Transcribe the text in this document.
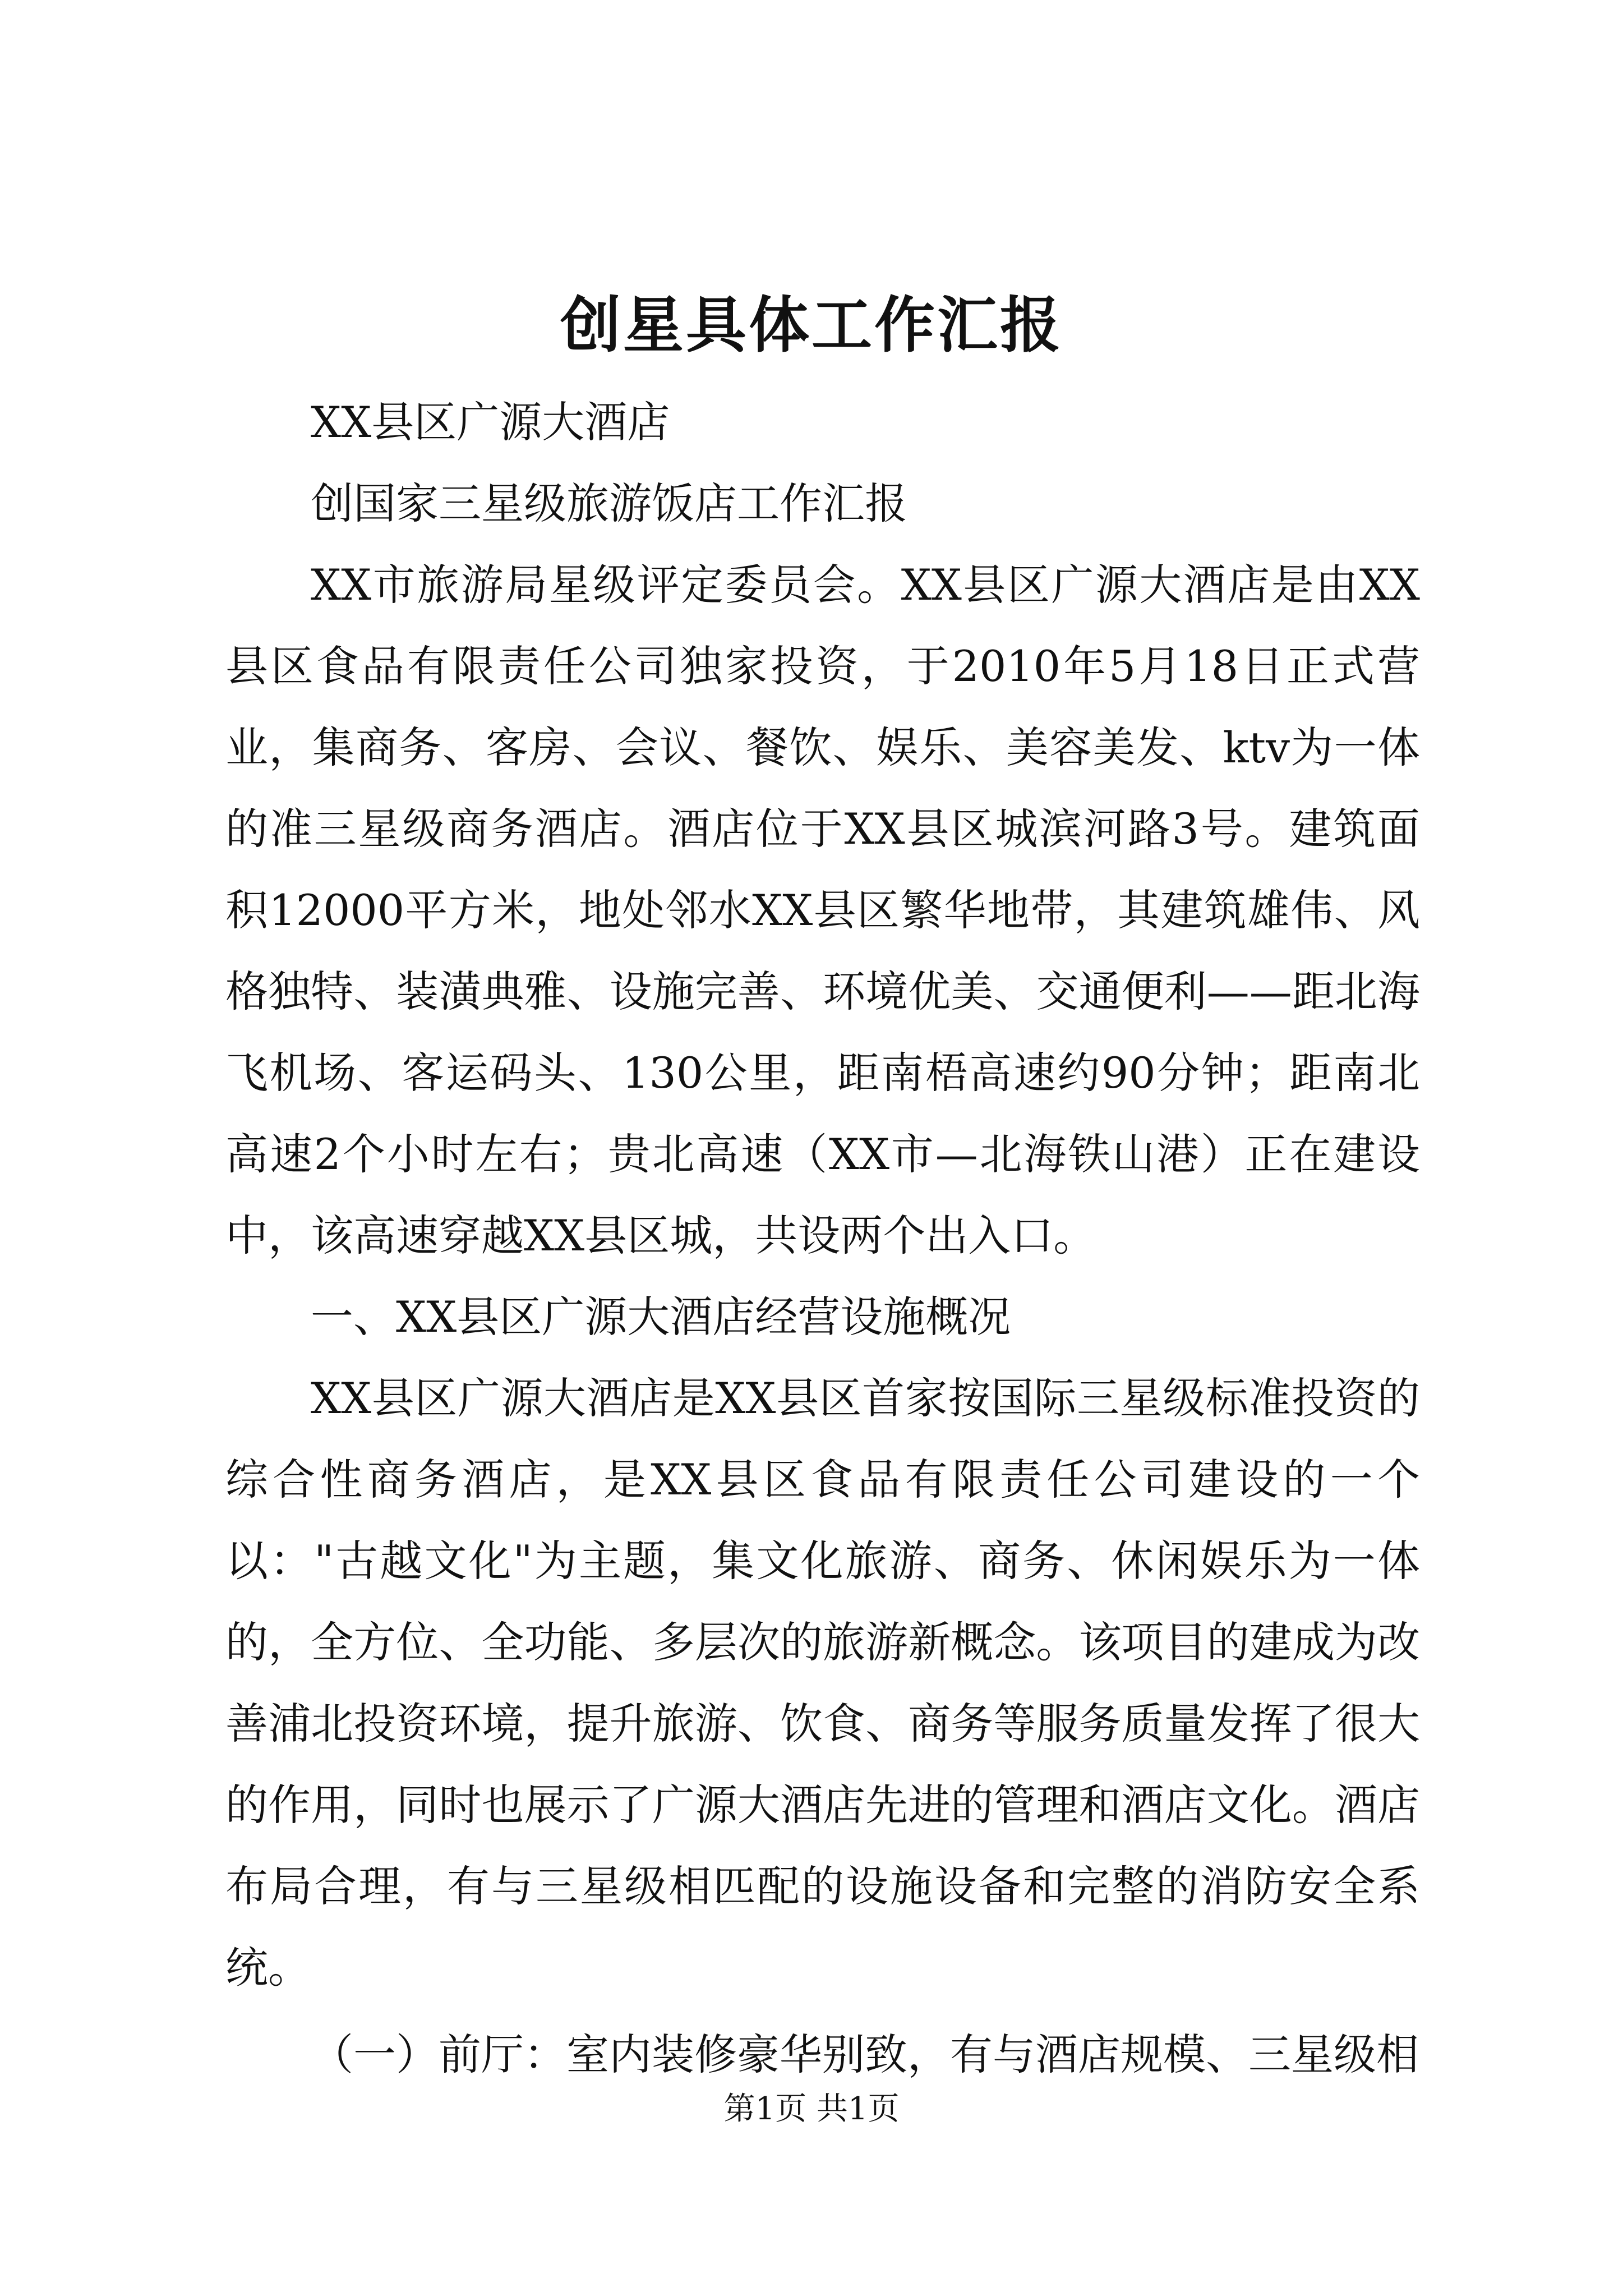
创星具体工作汇报

XX县区广源大酒店

创国家三星级旅游饭店工作汇报

XX市旅游局星级评定委员会。XX县区广源大酒店是由XX县区食品有限责任公司独家投资，于2010年5月18日正式营业，集商务、客房、会议、餐饮、娱乐、美容美发、ktv为一体的准三星级商务酒店。酒店位于XX县区城滨河路3号。建筑面积12000平方米，地处邻水XX县区繁华地带，其建筑雄伟、风格独特、装潢典雅、设施完善、环境优美、交通便利——距北海飞机场、客运码头、130公里，距南梧高速约90分钟；距南北高速2个小时左右；贵北高速（XX市—北海铁山港）正在建设中，该高速穿越XX县区城，共设两个出入口。

一、XX县区广源大酒店经营设施概况

XX县区广源大酒店是XX县区首家按国际三星级标准投资的综合性商务酒店，是XX县区食品有限责任公司建设的一个以："古越文化"为主题，集文化旅游、商务、休闲娱乐为一体的，全方位、全功能、多层次的旅游新概念。该项目的建成为改善浦北投资环境，提升旅游、饮食、商务等服务质量发挥了很大的作用，同时也展示了广源大酒店先进的管理和酒店文化。酒店布局合理，有与三星级相匹配的设施设备和完整的消防安全系统。

（一）前厅：室内装修豪华别致，有与酒店规模、三星级相

第1页 共1页
